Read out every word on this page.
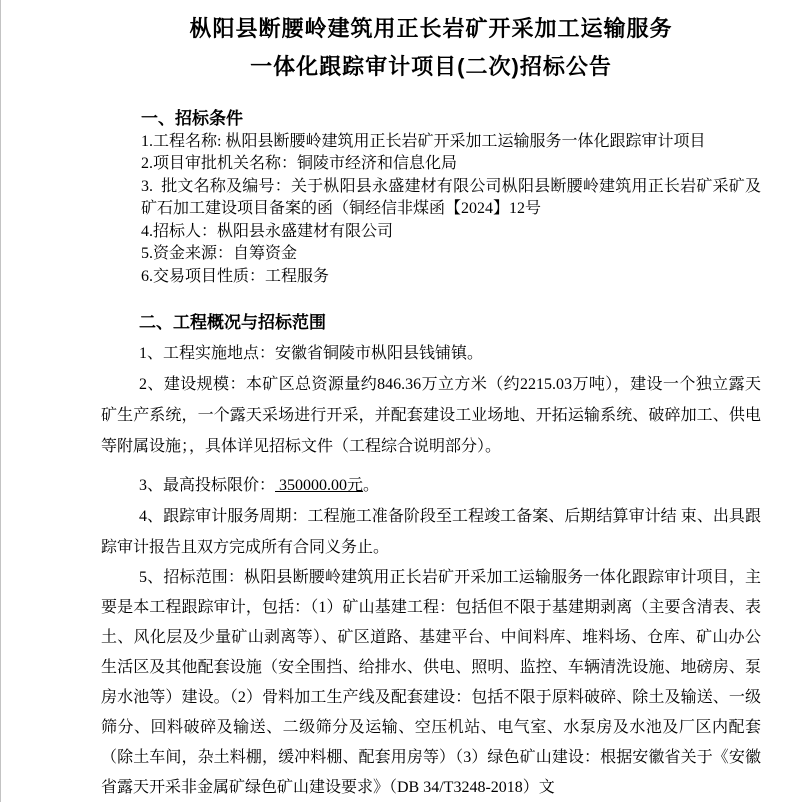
枞阳县断腰岭建筑用正长岩矿开采加工运输服务
一体化跟踪审计项目(二次)招标公告
一、招标条件
1.工程名称: 枞阳县断腰岭建筑用正长岩矿开采加工运输服务一体化跟踪审计项目
2.项目审批机关名称：铜陵市经济和信息化局
3. 批文名称及编号：关于枞阳县永盛建材有限公司枞阳县断腰岭建筑用正长岩矿采矿及矿石加工建设项目备案的函（铜经信非煤函【2024】12号
4.招标人：枞阳县永盛建材有限公司
5.资金来源：自筹资金
6.交易项目性质：工程服务
二、工程概况与招标范围

1、工程实施地点：安徽省铜陵市枞阳县钱铺镇。

2、建设规模：本矿区总资源量约846.36万立方米（约2215.03万吨），建设一个独立露天矿生产系统，一个露天采场进行开采，并配套建设工业场地、开拓运输系统、破碎加工、供电等附属设施；，具体详见招标文件（工程综合说明部分）。

3、最高投标限价： 350000.00元。

4、跟踪审计服务周期：工程施工准备阶段至工程竣工备案、后期结算审计结 束、出具跟踪审计报告且双方完成所有合同义务止。

5、招标范围：枞阳县断腰岭建筑用正长岩矿开采加工运输服务一体化跟踪审计项目，主要是本工程跟踪审计，包括：（1）矿山基建工程：包括但不限于基建期剥离（主要含清表、表土、风化层及少量矿山剥离等）、矿区道路、基建平台、中间料库、堆料场、仓库、矿山办公生活区及其他配套设施（安全围挡、给排水、供电、照明、监控、车辆清洗设施、地磅房、泵房水池等）建设。（2）骨料加工生产线及配套建设：包括不限于原料破碎、除土及输送、一级筛分、回料破碎及输送、二级筛分及运输、空压机站、电气室、水泵房及水池及厂区内配套（除土车间，杂土料棚，缓冲料棚、配套用房等）（3）绿色矿山建设：根据安徽省关于《安徽省露天开采非金属矿绿色矿山建设要求》（DB 34/T3248-2018）文
